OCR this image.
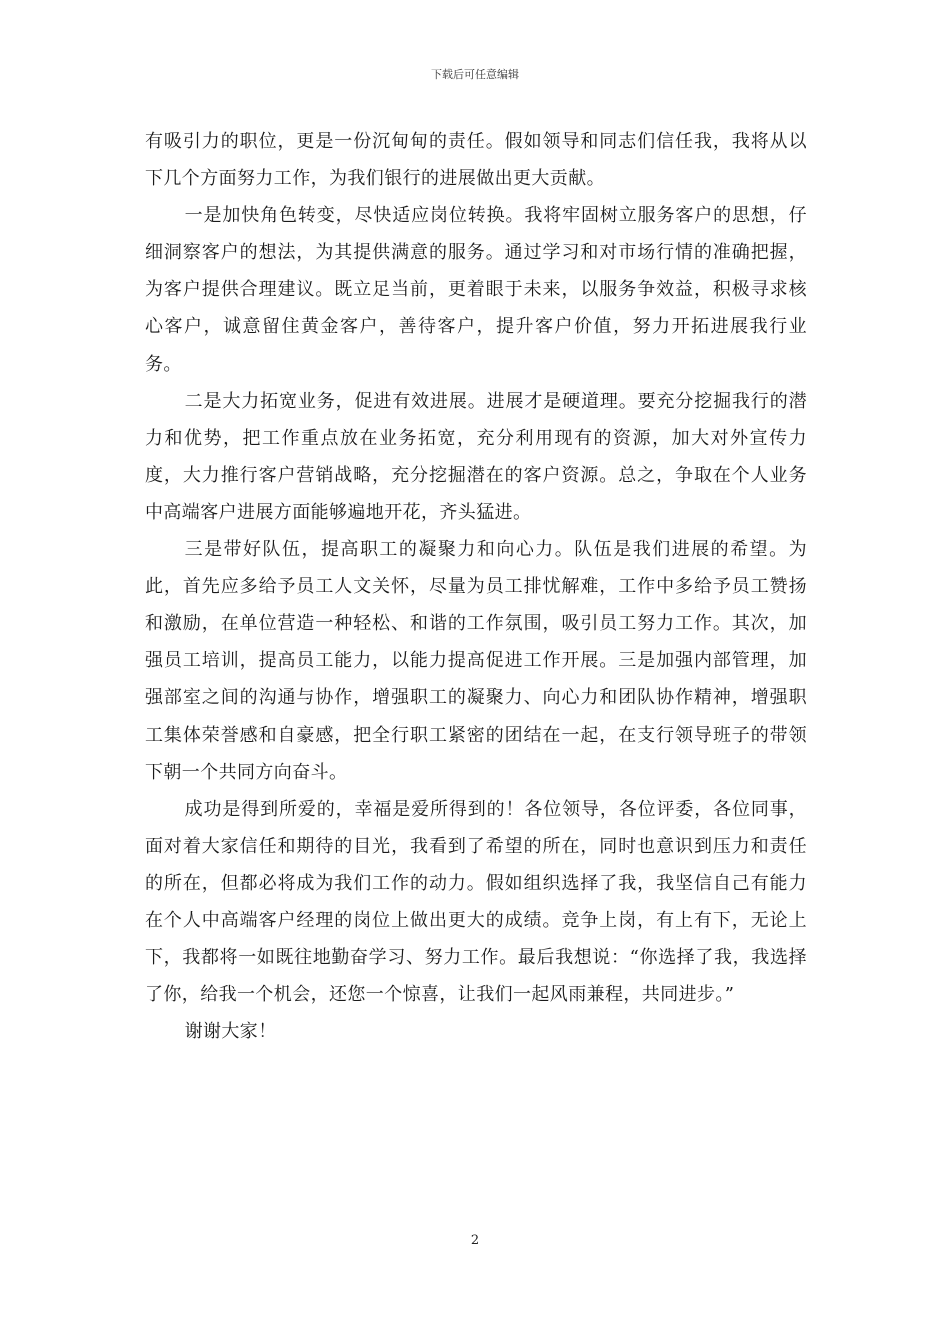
下载后可任意编辑

有吸引力的职位，更是一份沉甸甸的责任。假如领导和同志们信任我，我将从以下几个方面努力工作，为我们银行的进展做出更大贡献。

一是加快角色转变，尽快适应岗位转换。我将牢固树立服务客户的思想，仔细洞察客户的想法，为其提供满意的服务。通过学习和对市场行情的准确把握，为客户提供合理建议。既立足当前，更着眼于未来，以服务争效益，积极寻求核心客户，诚意留住黄金客户，善待客户，提升客户价值，努力开拓进展我行业务。

二是大力拓宽业务，促进有效进展。进展才是硬道理。要充分挖掘我行的潜力和优势，把工作重点放在业务拓宽，充分利用现有的资源，加大对外宣传力度，大力推行客户营销战略，充分挖掘潜在的客户资源。总之，争取在个人业务中高端客户进展方面能够遍地开花，齐头猛进。

三是带好队伍，提高职工的凝聚力和向心力。队伍是我们进展的希望。为此，首先应多给予员工人文关怀，尽量为员工排忧解难，工作中多给予员工赞扬和激励，在单位营造一种轻松、和谐的工作氛围，吸引员工努力工作。其次，加强员工培训，提高员工能力，以能力提高促进工作开展。三是加强内部管理，加强部室之间的沟通与协作，增强职工的凝聚力、向心力和团队协作精神，增强职工集体荣誉感和自豪感，把全行职工紧密的团结在一起，在支行领导班子的带领下朝一个共同方向奋斗。

成功是得到所爱的，幸福是爱所得到的！各位领导，各位评委，各位同事，面对着大家信任和期待的目光，我看到了希望的所在，同时也意识到压力和责任的所在，但都必将成为我们工作的动力。假如组织选择了我，我坚信自己有能力在个人中高端客户经理的岗位上做出更大的成绩。竞争上岗，有上有下，无论上下，我都将一如既往地勤奋学习、努力工作。最后我想说：“你选择了我，我选择了你，给我一个机会，还您一个惊喜，让我们一起风雨兼程，共同进步。”

谢谢大家！

2
